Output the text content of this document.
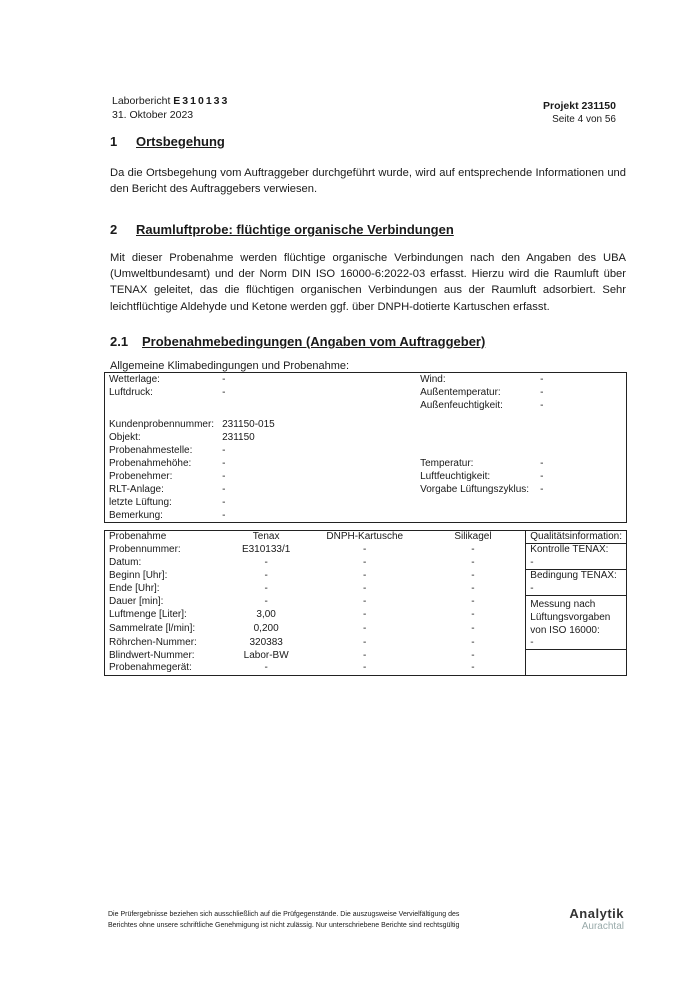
Laborbericht E310133
31. Oktober 2023
Projekt 231150
Seite 4 von 56
1 Ortsbegehung

Da die Ortsbegehung vom Auftraggeber durchgeführt wurde, wird auf entsprechende Informationen und den Bericht des Auftraggebers verwiesen.

2 Raumluftprobe: flüchtige organische Verbindungen

Mit dieser Probenahme werden flüchtige organische Verbindungen nach den Angaben des UBA (Umweltbundesamt) und der Norm DIN ISO 16000-6:2022-03 erfasst. Hierzu wird die Raumluft über TENAX geleitet, das die flüchtigen organischen Verbindungen aus der Raumluft adsorbiert. Sehr leichtflüchtige Aldehyde und Ketone werden ggf. über DNPH-dotierte Kartuschen erfasst.

2.1 Probenahmebedingungen (Angaben vom Auftraggeber)
Allgemeine Klimabedingungen und Probenahme:
Wetterlage:	-	Wind:	-
Luftdruck:	-	Außentemperatur:	-
		Außenfeuchtigkeit:	-

Kundenprobennummer:	231150-015		
Objekt:	231150		
Probenahmestelle:	-		
Probenahmehöhe:	-	Temperatur:	-
Probenehmer:	-	Luftfeuchtigkeit:	-
RLT-Anlage:	-	Vorgabe Lüftungszyklus:	-
letzte Lüftung:	-		
Bemerkung:	-		
Probenahme	Tenax	DNPH-Kartusche	Silikagel	Qualitätsinformation:
Probennummer:	E310133/1	-	-	Kontrolle TENAX:
Datum:	-	-	-	-
Beginn [Uhr]:	-	-	-	Bedingung TENAX:
Ende [Uhr]:	-	-	-	-
Dauer [min]:	-	-	-	Messung nach Lüftungsvorgaben von ISO 16000:
Luftmenge [Liter]:	3,00	-	-	
Sammelrate [l/min]:	0,200	-	-	
Röhrchen-Nummer:	320383	-	-	-
Blindwert-Nummer:	Labor-BW	-	-	
Probenahmegerät:	-	-	-	
Die Prüfergebnisse beziehen sich ausschließlich auf die Prüfgegenstände. Die auszugsweise Vervielfältigung des
Berichtes ohne unsere schriftliche Genehmigung ist nicht zulässig. Nur unterschriebene Berichte sind rechtsgültig
Analytik
Aurachtal
